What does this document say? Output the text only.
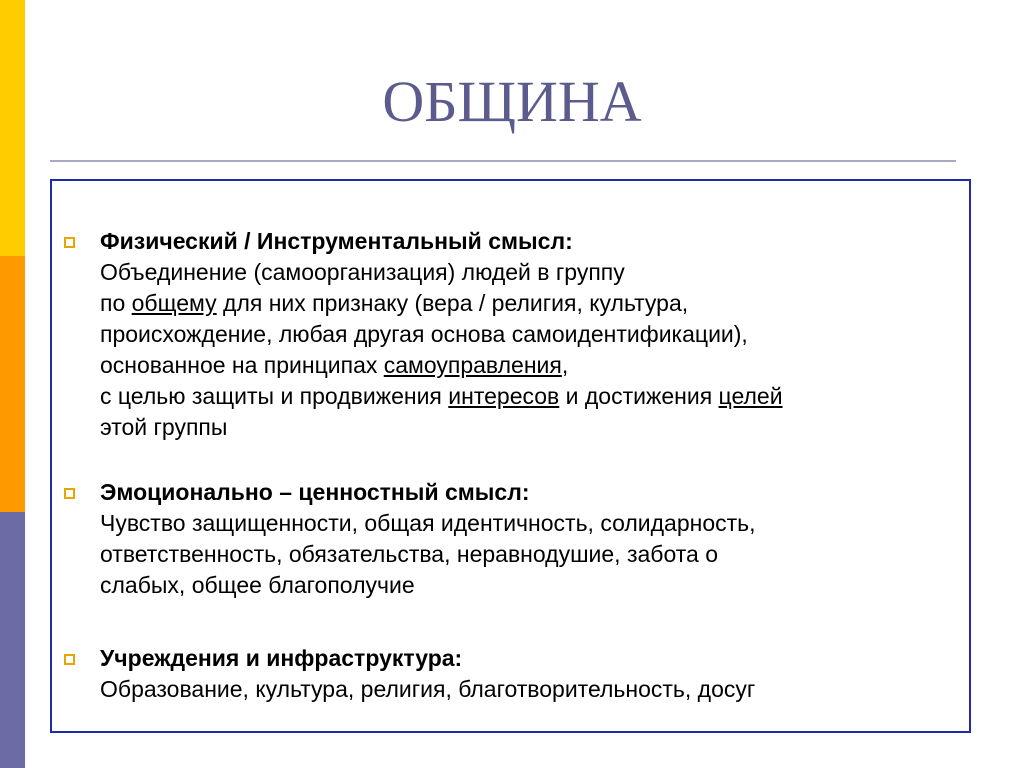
ОБЩИНА
Физический / Инструментальный смысл:
Объединение (самоорганизация) людей в группу
по общему для них признаку (вера / религия, культура,
происхождение, любая другая основа самоидентификации),
основанное на принципах самоуправления,
с целью защиты и продвижения интересов и достижения целей
этой группы
Эмоционально – ценностный смысл:
Чувство защищенности, общая идентичность, солидарность,
ответственность, обязательства, неравнодушие, забота о
слабых, общее благополучие
Учреждения и инфраструктура:
Образование, культура, религия, благотворительность, досуг
